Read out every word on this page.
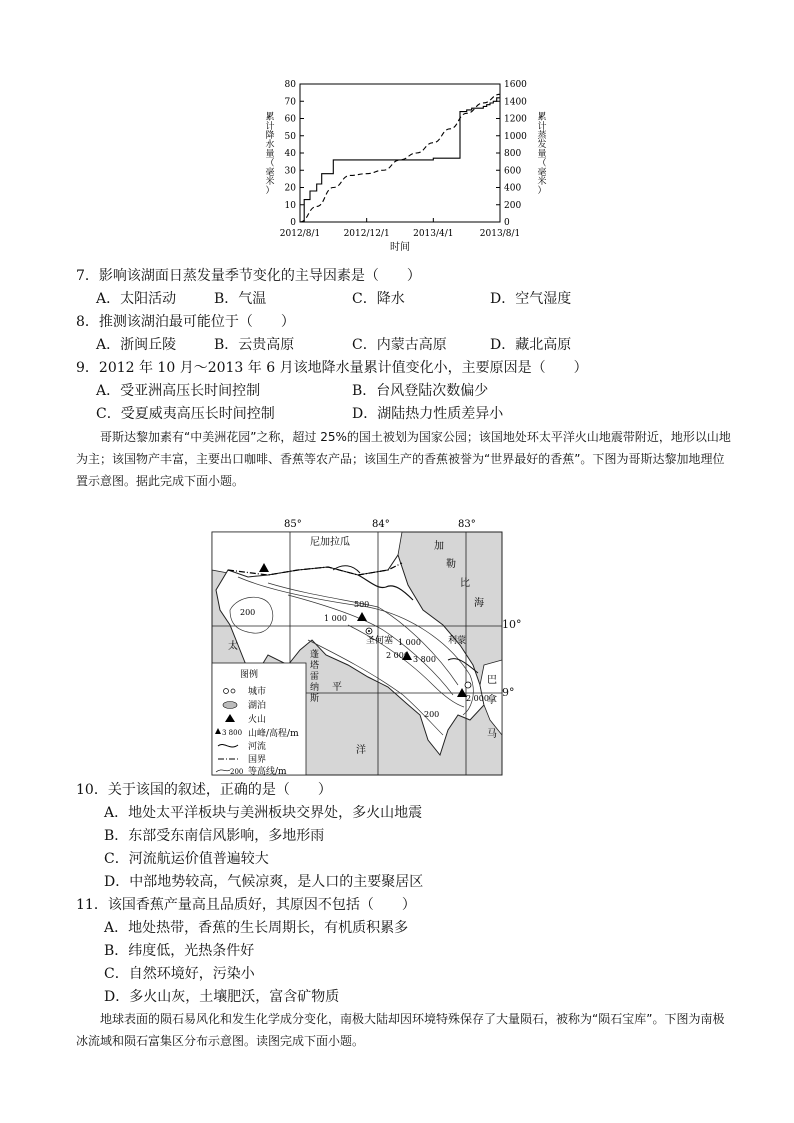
0
10
20
30
40
50
60
70
80
0
200
400
600
800
1000
1200
1400
1600
2012/8/1	2012/12/1	2013/4/1	2013/8/1
时间
累计降水量（毫米）
累计蒸发量（毫米）
7．影响该湖面日蒸发量季节变化的主导因素是（　　）
A．太阳活动	B．气温	C．降水	D．空气湿度
8．推测该湖泊最可能位于（　　）
A．浙闽丘陵	B．云贵高原	C．内蒙古高原	D．藏北高原
9．2012 年 10 月～2013 年 6 月该地降水量累计值变化小，主要原因是（　　）
A．受亚洲高压长时间控制	B．台风登陆次数偏少
C．受夏威夷高压长时间控制	D．湖陆热力性质差异小
哥斯达黎加素有“中美洲花园”之称，超过 25%的国土被划为国家公园；该国地处环太平洋火山地震带附近，地形以山地为主；该国物产丰富，主要出口咖啡、香蕉等农产品；该国生产的香蕉被誉为“世界最好的香蕉”。下图为哥斯达黎加地理位置示意图。据此完成下面小题。
85°	84°	83°
尼加拉瓜	加
勒
比
海
太
平
洋
巴
拿
马
圣何塞	利蒙
蓬
塔
雷
纳
斯
3 800
500
1 000
200
1 000
2 000
200
2 000
图例
城市
湖泊
火山
3 800 山峰/高程/m
河流
国界
200 等高线/m
10°
9°
10．关于该国的叙述，正确的是（　　）
A．地处太平洋板块与美洲板块交界处，多火山地震
B．东部受东南信风影响，多地形雨
C．河流航运价值普遍较大
D．中部地势较高，气候凉爽，是人口的主要聚居区
11．该国香蕉产量高且品质好，其原因不包括（　　）
A．地处热带，香蕉的生长周期长，有机质积累多
B．纬度低，光热条件好
C．自然环境好，污染小
D．多火山灰，土壤肥沃，富含矿物质
地球表面的陨石易风化和发生化学成分变化，南极大陆却因环境特殊保存了大量陨石，被称为“陨石宝库”。下图为南极冰流域和陨石富集区分布示意图。读图完成下面小题。
